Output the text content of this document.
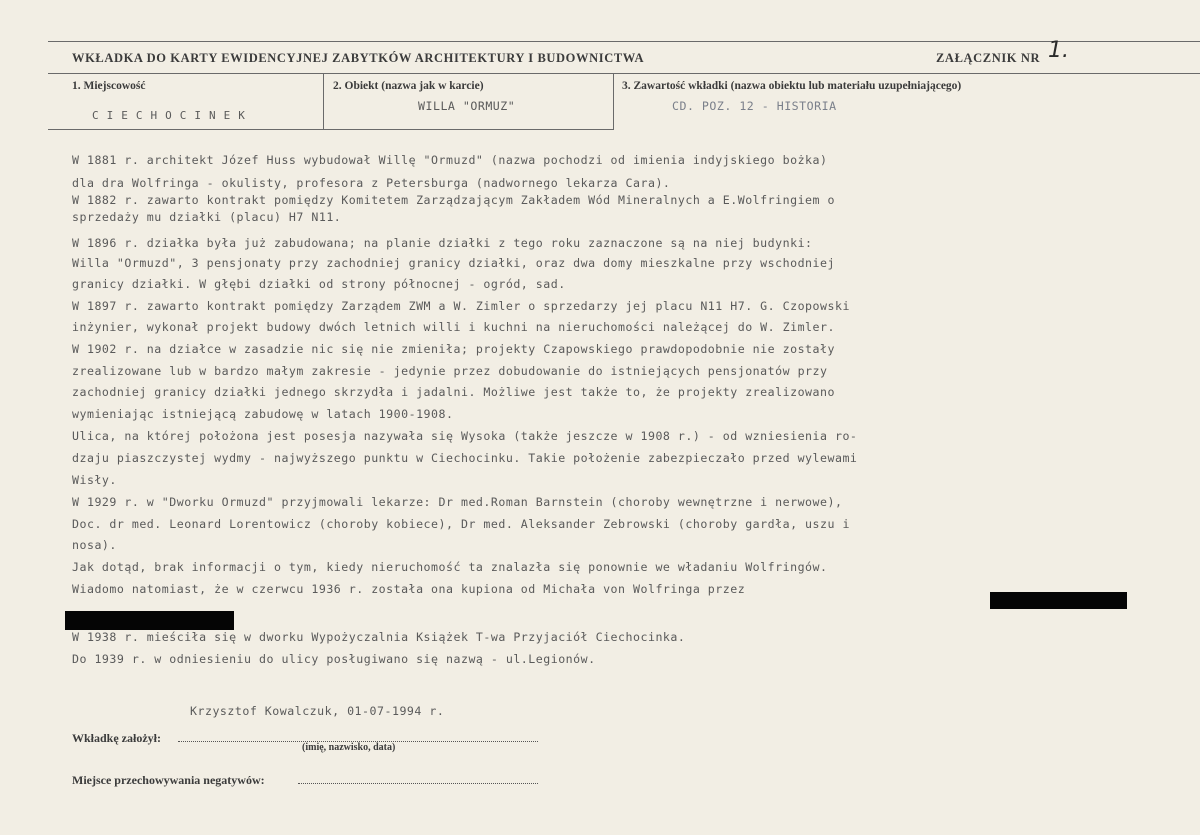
WKŁADKA DO KARTY EWIDENCYJNEJ ZABYTKÓW ARCHITEKTURY I BUDOWNICTWA	ZAŁĄCZNIK NR 1.
1. Miejscowość
CIECHOCINEK
2. Obiekt (nazwa jak w karcie)
WILLA "ORMUZ"
3. Zawartość wkładki (nazwa obiektu lub materiału uzupełniającego)
CD. POZ. 12 - HISTORIA
W 1881 r. architekt Józef Huss wybudował Willę "Ormuzd" (nazwa pochodzi od imienia indyjskiego bożka)
dla dra Wolfringa - okulisty, profesora z Petersburga (nadwornego lekarza Cara).
W 1882 r. zawarto kontrakt pomiędzy Komitetem Zarządzającym Zakładem Wód Mineralnych a E.Wolfringiem o
sprzedaży mu działki (placu) H7 N11.
W 1896 r. działka była już zabudowana; na planie działki z tego roku zaznaczone są na niej budynki:
Willa "Ormuzd", 3 pensjonaty przy zachodniej granicy działki, oraz dwa domy mieszkalne przy wschodniej
granicy działki. W głębi działki od strony północnej - ogród, sad.
W 1897 r. zawarto kontrakt pomiędzy Zarządem ZWM a W. Zimler o sprzedarzy jej placu N11 H7. G. Czopowski
inżynier, wykonał projekt budowy dwóch letnich willi i kuchni na nieruchomości należącej do W. Zimler.
W 1902 r. na działce w zasadzie nic się nie zmieniła; projekty Czapowskiego prawdopodobnie nie zostały
zrealizowane lub w bardzo małym zakresie - jedynie przez dobudowanie do istniejących pensjonatów przy
zachodniej granicy działki jednego skrzydła i jadalni. Możliwe jest także to, że projekty zrealizowano
wymieniając istniejącą zabudowę w latach 1900-1908.
Ulica, na której położona jest posesja nazywała się Wysoka (także jeszcze w 1908 r.) - od wzniesienia ro-
dzaju piaszczystej wydmy - najwyższego punktu w Ciechocinku. Takie położenie zabezpieczało przed wylewami
Wisły.
W 1929 r. w "Dworku Ormuzd" przyjmowali lekarze: Dr med.Roman Barnstein (choroby wewnętrzne i nerwowe),
Doc. dr med. Leonard Lorentowicz (choroby kobiece), Dr med. Aleksander Zebrowski (choroby gardła, uszu i
nosa).
Jak dotąd, brak informacji o tym, kiedy nieruchomość ta znalazła się ponownie we władaniu Wolfringów.
Wiadomo natomiast, że w czerwcu 1936 r. została ona kupiona od Michała von Wolfringa przez
W 1938 r. mieściła się w dworku Wypożyczalnia Książek T-wa Przyjaciół Ciechocinka.
Do 1939 r. w odniesieniu do ulicy posługiwano się nazwą - ul.Legionów.
Krzysztof Kowalczuk, 01-07-1994 r.
Wkładkę założył:
(imię, nazwisko, data)
Miejsce przechowywania negatywów:
